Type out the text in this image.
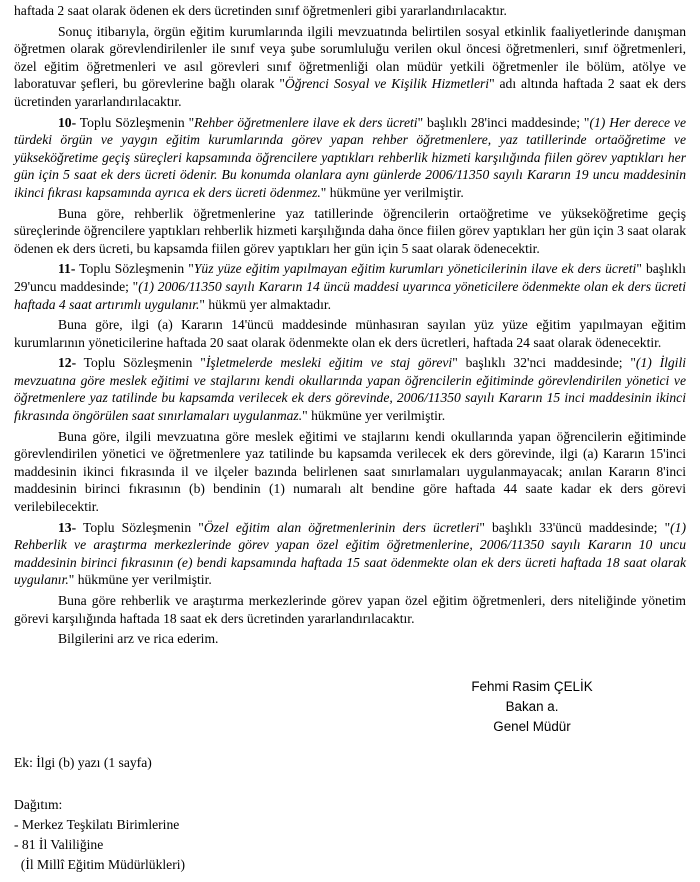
haftada 2 saat olarak ödenen ek ders ücretinden sınıf öğretmenleri gibi yararlandırılacaktır.

Sonuç itibarıyla, örgün eğitim kurumlarında ilgili mevzuatında belirtilen sosyal etkinlik faaliyetlerinde danışman öğretmen olarak görevlendirilenler ile sınıf veya şube sorumluluğu verilen okul öncesi öğretmenleri, sınıf öğretmenleri, özel eğitim öğretmenleri ve asıl görevleri sınıf öğretmenliği olan müdür yetkili öğretmenler ile bölüm, atölye ve laboratuvar şefleri, bu görevlerine bağlı olarak "Öğrenci Sosyal ve Kişilik Hizmetleri" adı altında haftada 2 saat ek ders ücretinden yararlandırılacaktır.

10- Toplu Sözleşmenin "Rehber öğretmenlere ilave ek ders ücreti" başlıklı 28'inci maddesinde; "(1) Her derece ve türdeki örgün ve yaygın eğitim kurumlarında görev yapan rehber öğretmenlere, yaz tatillerinde ortaöğretime ve yükseköğretime geçiş süreçleri kapsamında öğrencilere yaptıkları rehberlik hizmeti karşılığında fiilen görev yaptıkları her gün için 5 saat ek ders ücreti ödenir. Bu konumda olanlara aynı günlerde 2006/11350 sayılı Kararın 19 uncu maddesinin ikinci fıkrası kapsamında ayrıca ek ders ücreti ödenmez." hükmüne yer verilmiştir.

Buna göre, rehberlik öğretmenlerine yaz tatillerinde öğrencilerin ortaöğretime ve yükseköğretime geçiş süreçlerinde öğrencilere yaptıkları rehberlik hizmeti karşılığında daha önce fiilen görev yaptıkları her gün için 3 saat olarak ödenen ek ders ücreti, bu kapsamda fiilen görev yaptıkları her gün için 5 saat olarak ödenecektir.

11- Toplu Sözleşmenin "Yüz yüze eğitim yapılmayan eğitim kurumları yöneticilerinin ilave ek ders ücreti" başlıklı 29'uncu maddesinde; "(1) 2006/11350 sayılı Kararın 14 üncü maddesi uyarınca yöneticilere ödenmekte olan ek ders ücreti haftada 4 saat artırımlı uygulanır." hükmü yer almaktadır.

Buna göre, ilgi (a) Kararın 14'üncü maddesinde münhasıran sayılan yüz yüze eğitim yapılmayan eğitim kurumlarının yöneticilerine haftada 20 saat olarak ödenmekte olan ek ders ücretleri, haftada 24 saat olarak ödenecektir.

12- Toplu Sözleşmenin "İşletmelerde mesleki eğitim ve staj görevi" başlıklı 32'nci maddesinde; "(1) İlgili mevzuatına göre meslek eğitimi ve stajlarını kendi okullarında yapan öğrencilerin eğitiminde görevlendirilen yönetici ve öğretmenlere yaz tatilinde bu kapsamda verilecek ek ders görevinde, 2006/11350 sayılı Kararın 15 inci maddesinin ikinci fıkrasında öngörülen saat sınırlamaları uygulanmaz." hükmüne yer verilmiştir.

Buna göre, ilgili mevzuatına göre meslek eğitimi ve stajlarını kendi okullarında yapan öğrencilerin eğitiminde görevlendirilen yönetici ve öğretmenlere yaz tatilinde bu kapsamda verilecek ek ders görevinde, ilgi (a) Kararın 15'inci maddesinin ikinci fıkrasında il ve ilçeler bazında belirlenen saat sınırlamaları uygulanmayacak; anılan Kararın 8'inci maddesinin birinci fıkrasının (b) bendinin (1) numaralı alt bendine göre haftada 44 saate kadar ek ders görevi verilebilecektir.

13- Toplu Sözleşmenin "Özel eğitim alan öğretmenlerinin ders ücretleri" başlıklı 33'üncü maddesinde; "(1) Rehberlik ve araştırma merkezlerinde görev yapan özel eğitim öğretmenlerine, 2006/11350 sayılı Kararın 10 uncu maddesinin birinci fıkrasının (e) bendi kapsamında haftada 15 saat ödenmekte olan ek ders ücreti haftada 18 saat olarak uygulanır." hükmüne yer verilmiştir.

Buna göre rehberlik ve araştırma merkezlerinde görev yapan özel eğitim öğretmenleri, ders niteliğinde yönetim görevi karşılığında haftada 18 saat ek ders ücretinden yararlandırılacaktır.

Bilgilerini arz ve rica ederim.

Fehmi Rasim ÇELİK
Bakan a.
Genel Müdür
Ek: İlgi (b) yazı (1 sayfa)
Dağıtım:
- Merkez Teşkilatı Birimlerine
- 81 İl Valiliğine
(İl Millî Eğitim Müdürlükleri)
